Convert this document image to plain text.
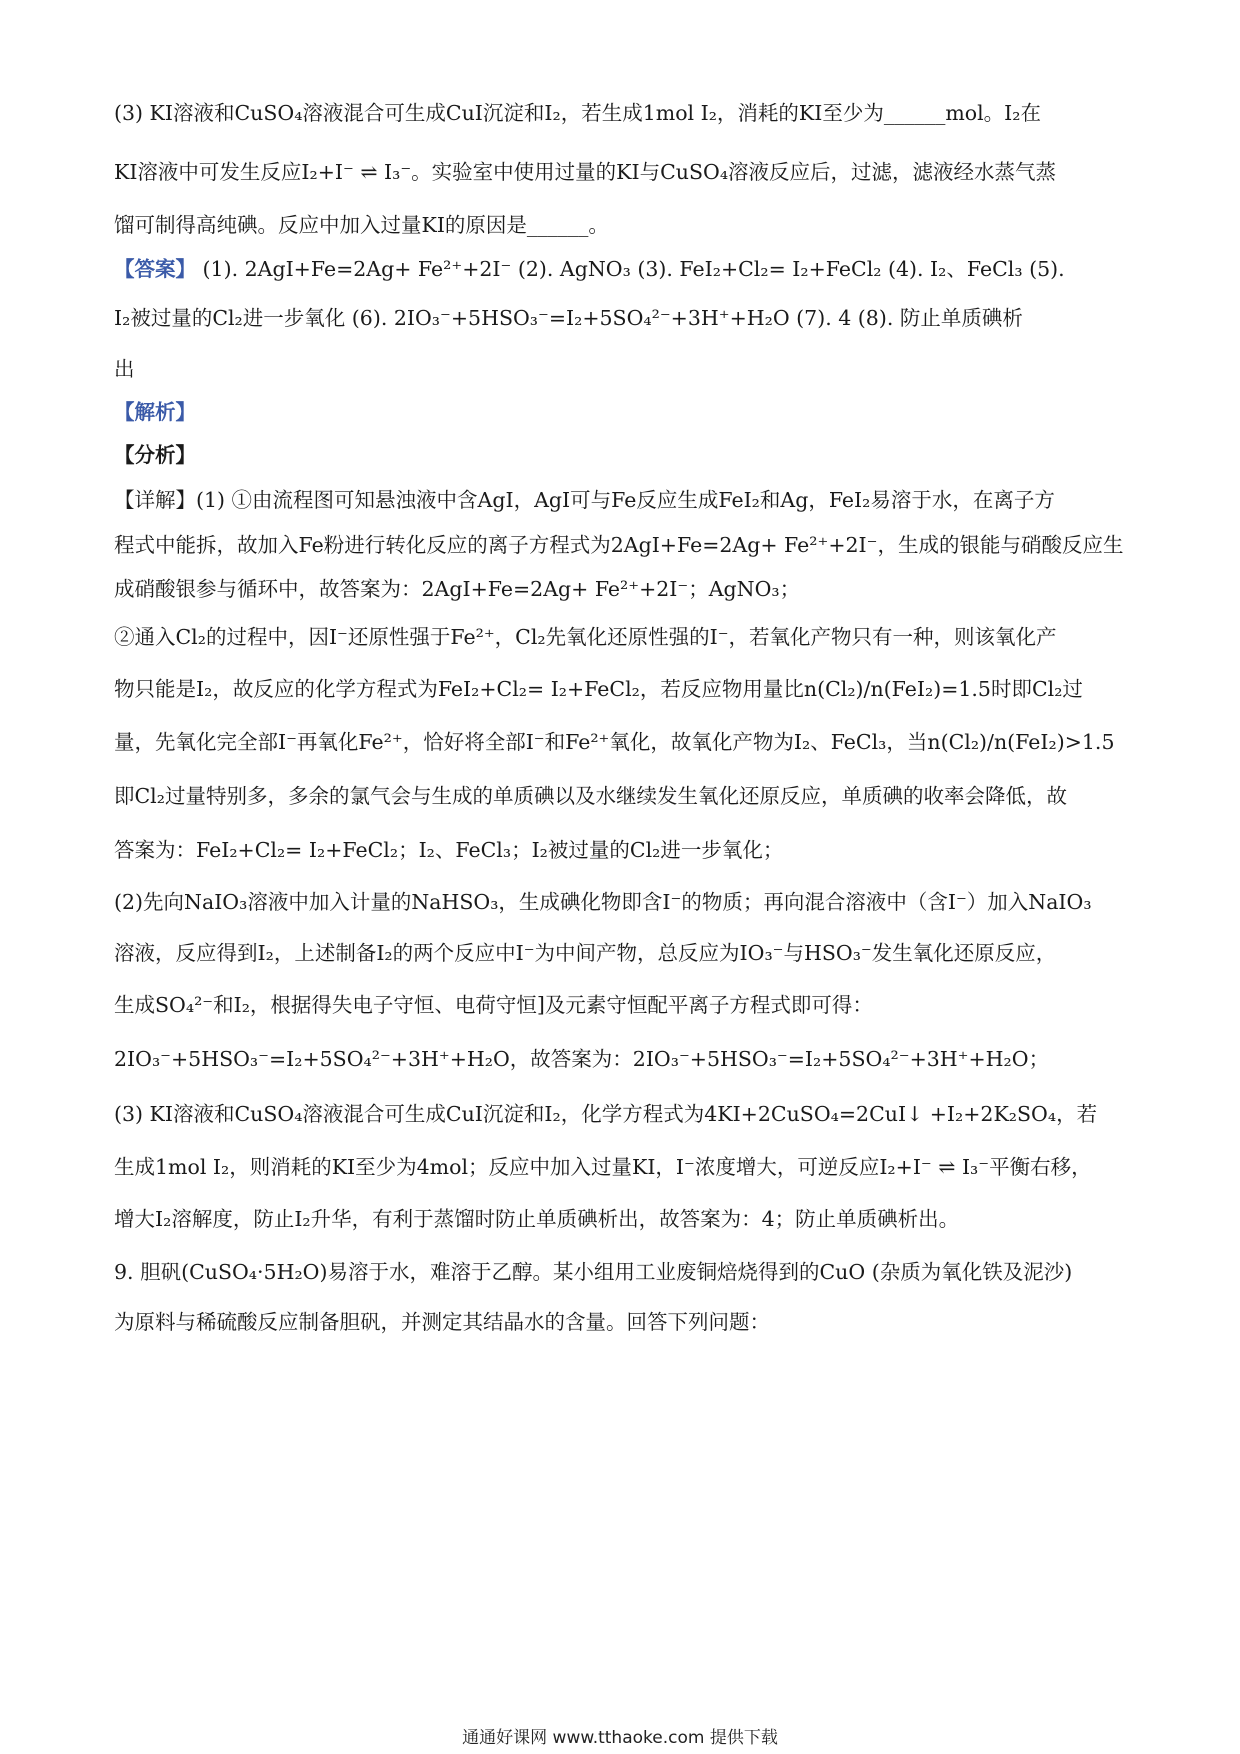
(3) KI溶液和CuSO₄溶液混合可生成CuI沉淀和I₂，若生成1mol I₂，消耗的KI至少为______mol。I₂在
KI溶液中可发生反应I₂+I⁻ ⇌ I₃⁻。实验室中使用过量的KI与CuSO₄溶液反应后，过滤，滤液经水蒸气蒸
馏可制得高纯碘。反应中加入过量KI的原因是______。
【答案】 (1). 2AgI+Fe=2Ag+ Fe²⁺+2I⁻ (2). AgNO₃ (3). FeI₂+Cl₂= I₂+FeCl₂ (4). I₂、FeCl₃ (5).
I₂被过量的Cl₂进一步氧化 (6). 2IO₃⁻+5HSO₃⁻=I₂+5SO₄²⁻+3H⁺+H₂O (7). 4 (8). 防止单质碘析
出
【解析】
【分析】
【详解】(1) ①由流程图可知悬浊液中含AgI，AgI可与Fe反应生成FeI₂和Ag，FeI₂易溶于水，在离子方
程式中能拆，故加入Fe粉进行转化反应的离子方程式为2AgI+Fe=2Ag+ Fe²⁺+2I⁻，生成的银能与硝酸反应生
成硝酸银参与循环中，故答案为：2AgI+Fe=2Ag+ Fe²⁺+2I⁻；AgNO₃；
②通入Cl₂的过程中，因I⁻还原性强于Fe²⁺，Cl₂先氧化还原性强的I⁻，若氧化产物只有一种，则该氧化产
物只能是I₂，故反应的化学方程式为FeI₂+Cl₂= I₂+FeCl₂，若反应物用量比n(Cl₂)/n(FeI₂)=1.5时即Cl₂过
量，先氧化完全部I⁻再氧化Fe²⁺，恰好将全部I⁻和Fe²⁺氧化，故氧化产物为I₂、FeCl₃，当n(Cl₂)/n(FeI₂)>1.5
即Cl₂过量特别多，多余的氯气会与生成的单质碘以及水继续发生氧化还原反应，单质碘的收率会降低，故
答案为：FeI₂+Cl₂= I₂+FeCl₂；I₂、FeCl₃；I₂被过量的Cl₂进一步氧化；
(2)先向NaIO₃溶液中加入计量的NaHSO₃，生成碘化物即含I⁻的物质；再向混合溶液中（含I⁻）加入NaIO₃
溶液，反应得到I₂，上述制备I₂的两个反应中I⁻为中间产物，总反应为IO₃⁻与HSO₃⁻发生氧化还原反应，
生成SO₄²⁻和I₂，根据得失电子守恒、电荷守恒]及元素守恒配平离子方程式即可得：
2IO₃⁻+5HSO₃⁻=I₂+5SO₄²⁻+3H⁺+H₂O，故答案为：2IO₃⁻+5HSO₃⁻=I₂+5SO₄²⁻+3H⁺+H₂O；
(3) KI溶液和CuSO₄溶液混合可生成CuI沉淀和I₂，化学方程式为4KI+2CuSO₄=2CuI↓ +I₂+2K₂SO₄，若
生成1mol I₂，则消耗的KI至少为4mol；反应中加入过量KI，I⁻浓度增大，可逆反应I₂+I⁻ ⇌ I₃⁻平衡右移，
增大I₂溶解度，防止I₂升华，有利于蒸馏时防止单质碘析出，故答案为：4；防止单质碘析出。
9. 胆矾(CuSO₄·5H₂O)易溶于水，难溶于乙醇。某小组用工业废铜焙烧得到的CuO (杂质为氧化铁及泥沙)
为原料与稀硫酸反应制备胆矾，并测定其结晶水的含量。回答下列问题：
通通好课网 www.tthaoke.com 提供下载
